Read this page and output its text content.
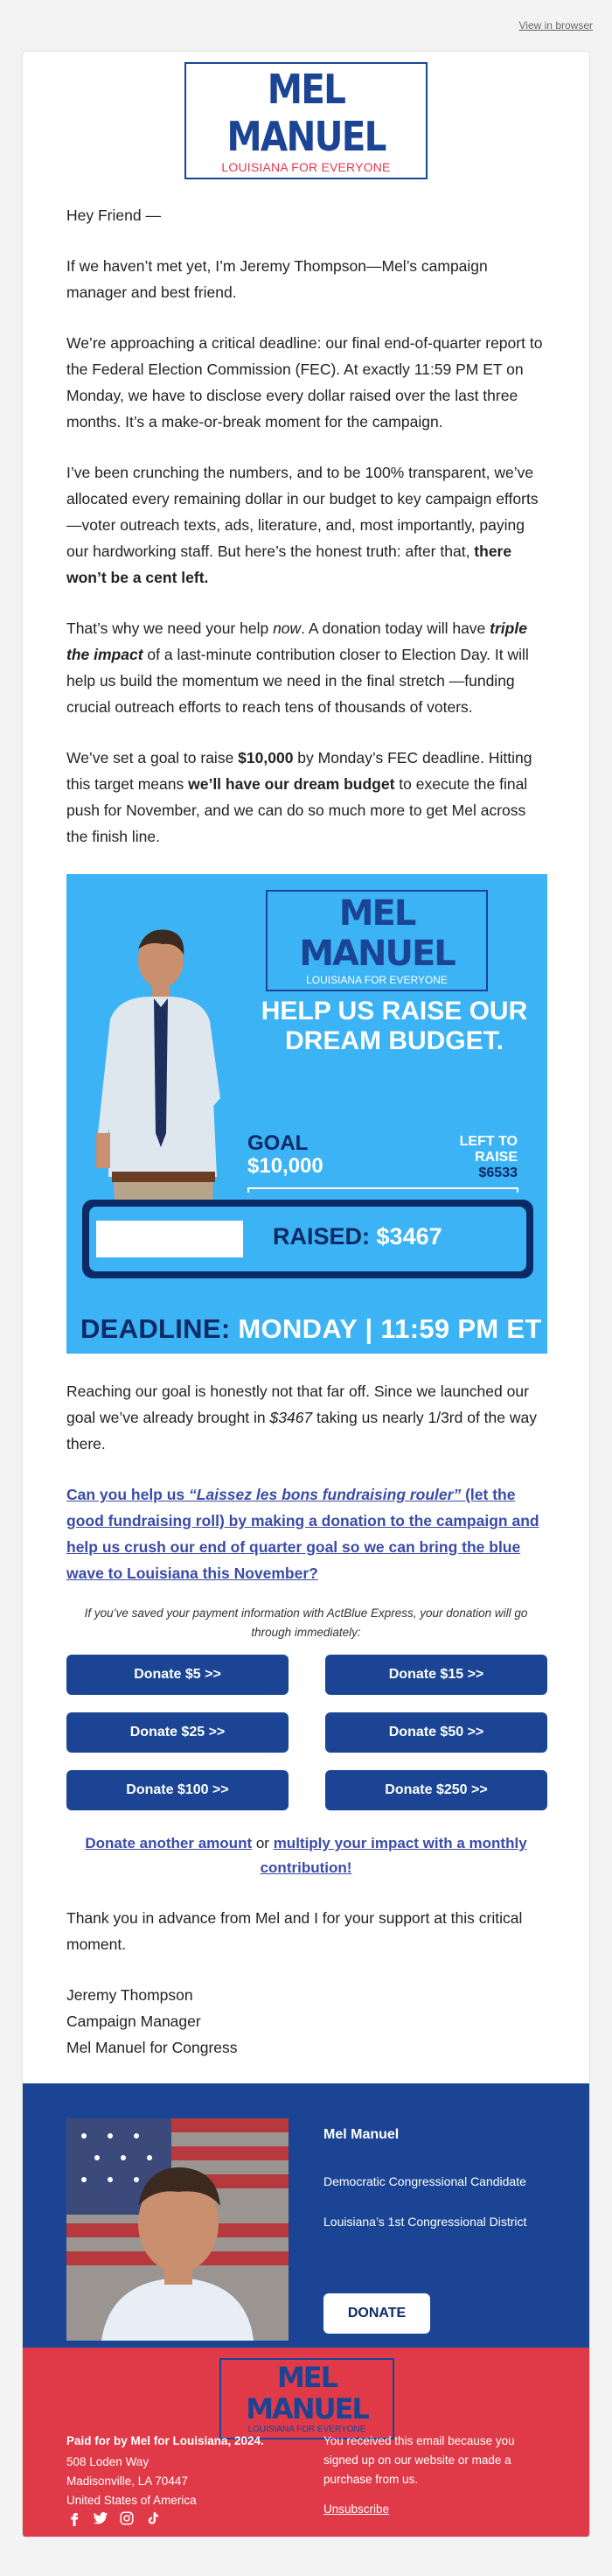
View in browser
MEL MANUEL
LOUISIANA FOR EVERYONE

Hey Friend —

If we haven’t met yet, I’m Jeremy Thompson—Mel’s campaign manager and best friend.

We’re approaching a critical deadline: our final end-of-quarter report to the Federal Election Commission (FEC). At exactly 11:59 PM ET on Monday, we have to disclose every dollar raised over the last three months. It’s a make-or-break moment for the campaign.

I’ve been crunching the numbers, and to be 100% transparent, we’ve allocated every remaining dollar in our budget to key campaign efforts—voter outreach texts, ads, literature, and, most importantly, paying our hardworking staff. But here’s the honest truth: after that, there won’t be a cent left.

That’s why we need your help now. A donation today will have triple the impact of a last-minute contribution closer to Election Day. It will help us build the momentum we need in the final stretch —funding crucial outreach efforts to reach tens of thousands of voters.

We’ve set a goal to raise $10,000 by Monday’s FEC deadline. Hitting this target means we’ll have our dream budget to execute the final push for November, and we can do so much more to get Mel across the finish line.

MEL MANUEL
LOUISIANA FOR EVERYONE
HELP US RAISE OUR DREAM BUDGET.
GOAL
$10,000
LEFT TO RAISE
$6533
RAISED: $3467
DEADLINE: MONDAY | 11:59 PM ET

Reaching our goal is honestly not that far off. Since we launched our goal we’ve already brought in $3467 taking us nearly 1/3rd of the way there.

Can you help us “Laissez les bons fundraising rouler” (let the good fundraising roll) by making a donation to the campaign and help us crush our end of quarter goal so we can bring the blue wave to Louisiana this November?

If you’ve saved your payment information with ActBlue Express, your donation will go through immediately:

Donate $5 >>	Donate $15 >>
Donate $25 >>	Donate $50 >>
Donate $100 >>	Donate $250 >>

Donate another amount or multiply your impact with a monthly contribution!

Thank you in advance from Mel and I for your support at this critical moment.

Jeremy Thompson
Campaign Manager
Mel Manuel for Congress
Mel Manuel
Democratic Congressional Candidate
Louisiana’s 1st Congressional District
DONATE
MEL MANUEL
LOUISIANA FOR EVERYONE
Paid for by Mel for Louisiana, 2024.
508 Loden Way
Madisonville, LA 70447
United States of America
You received this email because you signed up on our website or made a purchase from us.
Unsubscribe
